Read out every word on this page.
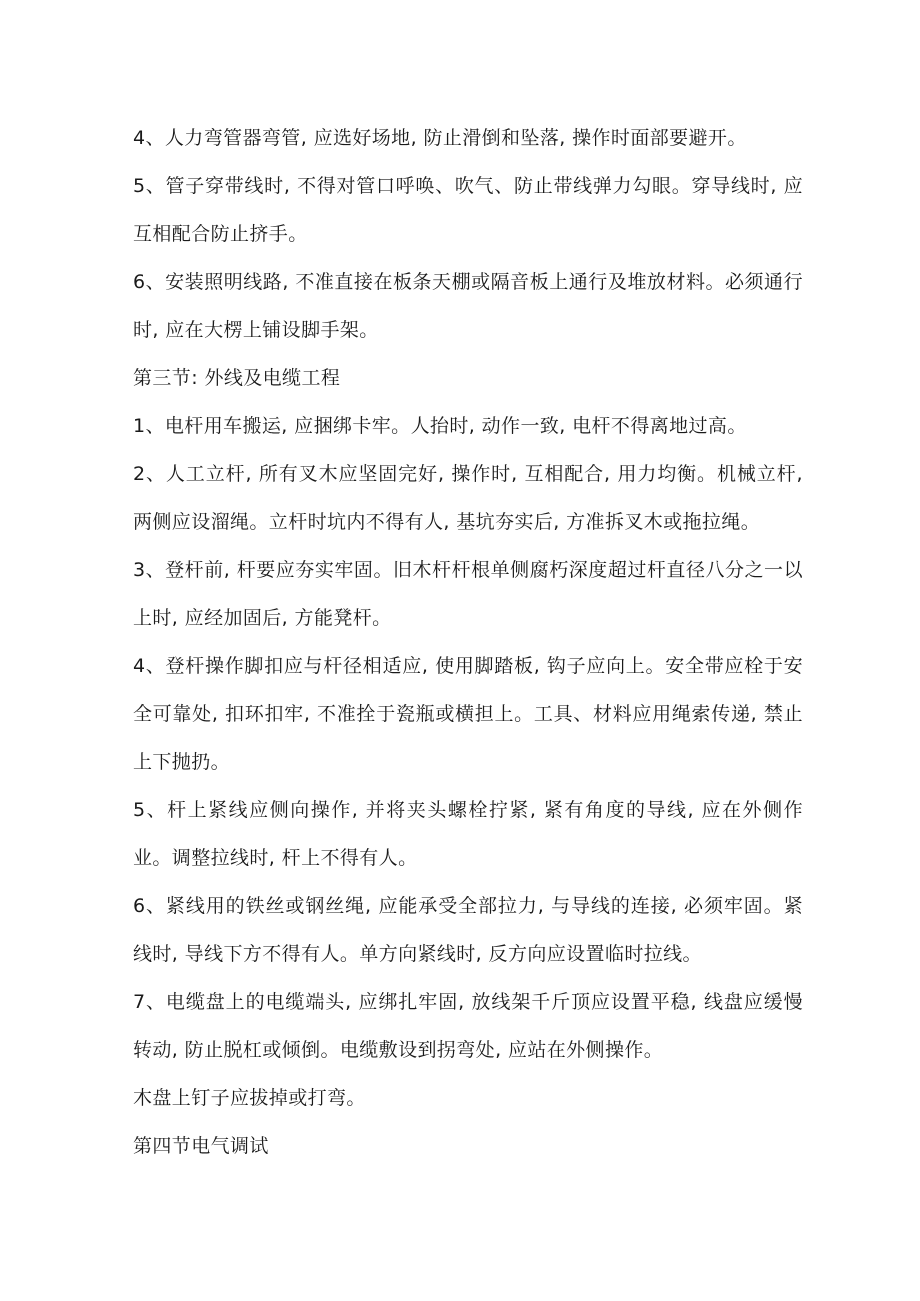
4、人力弯管器弯管, 应选好场地, 防止滑倒和坠落, 操作时面部要避开。

5、管子穿带线时, 不得对管口呼唤、吹气、防止带线弹力勾眼。穿导线时, 应互相配合防止挤手。

6、安装照明线路, 不准直接在板条天棚或隔音板上通行及堆放材料。必须通行时, 应在大楞上铺设脚手架。

第三节: 外线及电缆工程

1、电杆用车搬运, 应捆绑卡牢。人抬时, 动作一致, 电杆不得离地过高。

2、人工立杆, 所有叉木应坚固完好, 操作时, 互相配合, 用力均衡。机械立杆, 两侧应设溜绳。立杆时坑内不得有人, 基坑夯实后, 方准拆叉木或拖拉绳。

3、登杆前, 杆要应夯实牢固。旧木杆杆根单侧腐朽深度超过杆直径八分之一以上时, 应经加固后, 方能凳杆。

4、登杆操作脚扣应与杆径相适应, 使用脚踏板, 钩子应向上。安全带应栓于安全可靠处, 扣环扣牢, 不准拴于瓷瓶或横担上。工具、材料应用绳索传递, 禁止上下抛扔。

5、杆上紧线应侧向操作, 并将夹头螺栓拧紧, 紧有角度的导线, 应在外侧作业。调整拉线时, 杆上不得有人。

6、紧线用的铁丝或钢丝绳, 应能承受全部拉力, 与导线的连接, 必须牢固。紧线时, 导线下方不得有人。单方向紧线时, 反方向应设置临时拉线。

7、电缆盘上的电缆端头, 应绑扎牢固, 放线架千斤顶应设置平稳, 线盘应缓慢转动, 防止脱杠或倾倒。电缆敷设到拐弯处, 应站在外侧操作。

木盘上钉子应拔掉或打弯。

第四节电气调试
